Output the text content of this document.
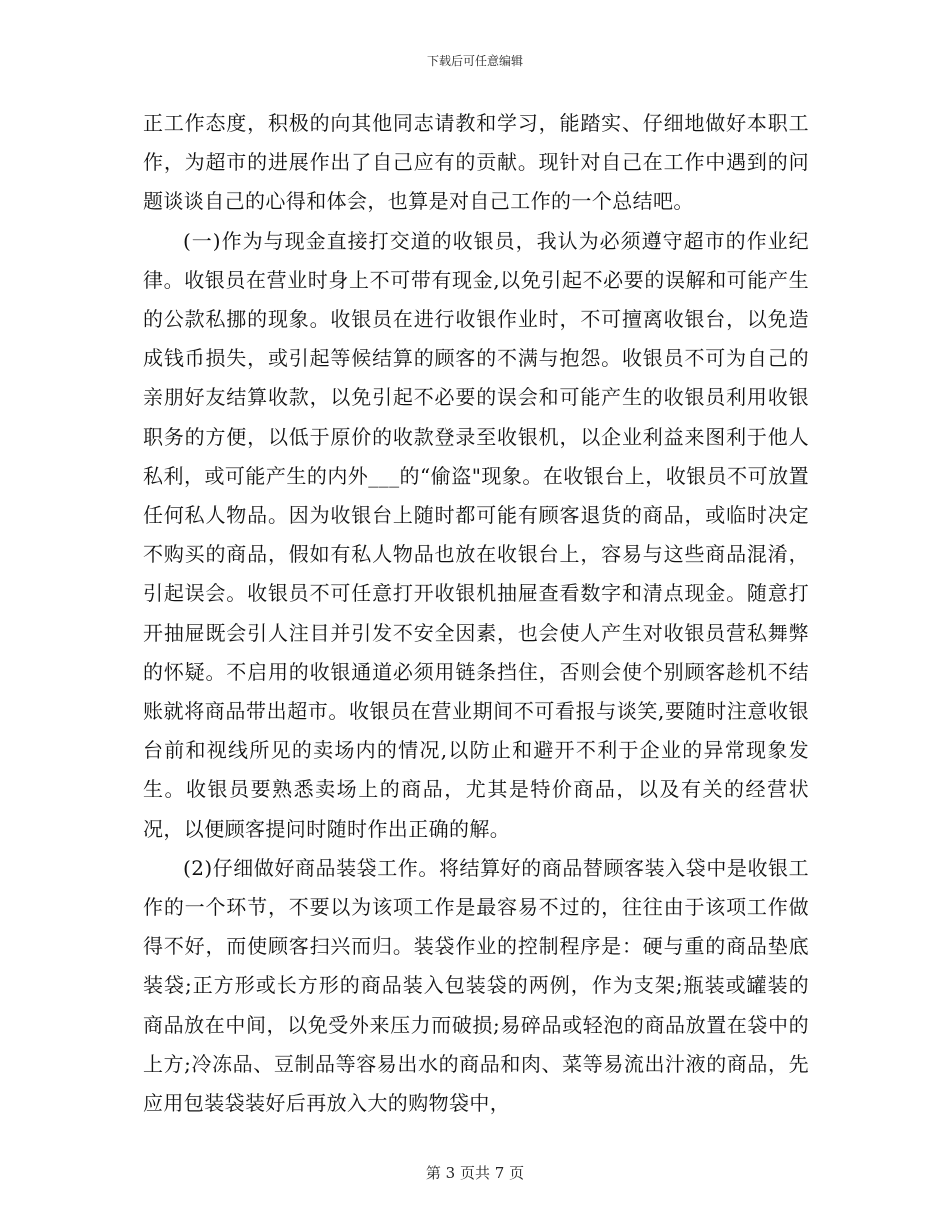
下载后可任意编辑

正工作态度，积极的向其他同志请教和学习，能踏实、仔细地做好本职工作，为超市的进展作出了自己应有的贡献。现针对自己在工作中遇到的问题谈谈自己的心得和体会，也算是对自己工作的一个总结吧。

(一)作为与现金直接打交道的收银员，我认为必须遵守超市的作业纪律。收银员在营业时身上不可带有现金,以免引起不必要的误解和可能产生的公款私挪的现象。收银员在进行收银作业时，不可擅离收银台，以免造成钱币损失，或引起等候结算的顾客的不满与抱怨。收银员不可为自己的亲朋好友结算收款，以免引起不必要的误会和可能产生的收银员利用收银职务的方便，以低于原价的收款登录至收银机，以企业利益来图利于他人私利，或可能产生的内外___的“偷盗"现象。在收银台上，收银员不可放置任何私人物品。因为收银台上随时都可能有顾客退货的商品，或临时决定不购买的商品，假如有私人物品也放在收银台上，容易与这些商品混淆，引起误会。收银员不可任意打开收银机抽屉查看数字和清点现金。随意打开抽屉既会引人注目并引发不安全因素，也会使人产生对收银员营私舞弊的怀疑。不启用的收银通道必须用链条挡住，否则会使个别顾客趁机不结账就将商品带出超市。收银员在营业期间不可看报与谈笑,要随时注意收银台前和视线所见的卖场内的情况,以防止和避开不利于企业的异常现象发生。收银员要熟悉卖场上的商品，尤其是特价商品，以及有关的经营状况，以便顾客提问时随时作出正确的解。

(2)仔细做好商品装袋工作。将结算好的商品替顾客装入袋中是收银工作的一个环节，不要以为该项工作是最容易不过的，往往由于该项工作做得不好，而使顾客扫兴而归。装袋作业的控制程序是：硬与重的商品垫底装袋;正方形或长方形的商品装入包装袋的两例，作为支架;瓶装或罐装的商品放在中间，以免受外来压力而破损;易碎品或轻泡的商品放置在袋中的上方;冷冻品、豆制品等容易出水的商品和肉、菜等易流出汁液的商品，先应用包装袋装好后再放入大的购物袋中，

第 3 页共 7 页
